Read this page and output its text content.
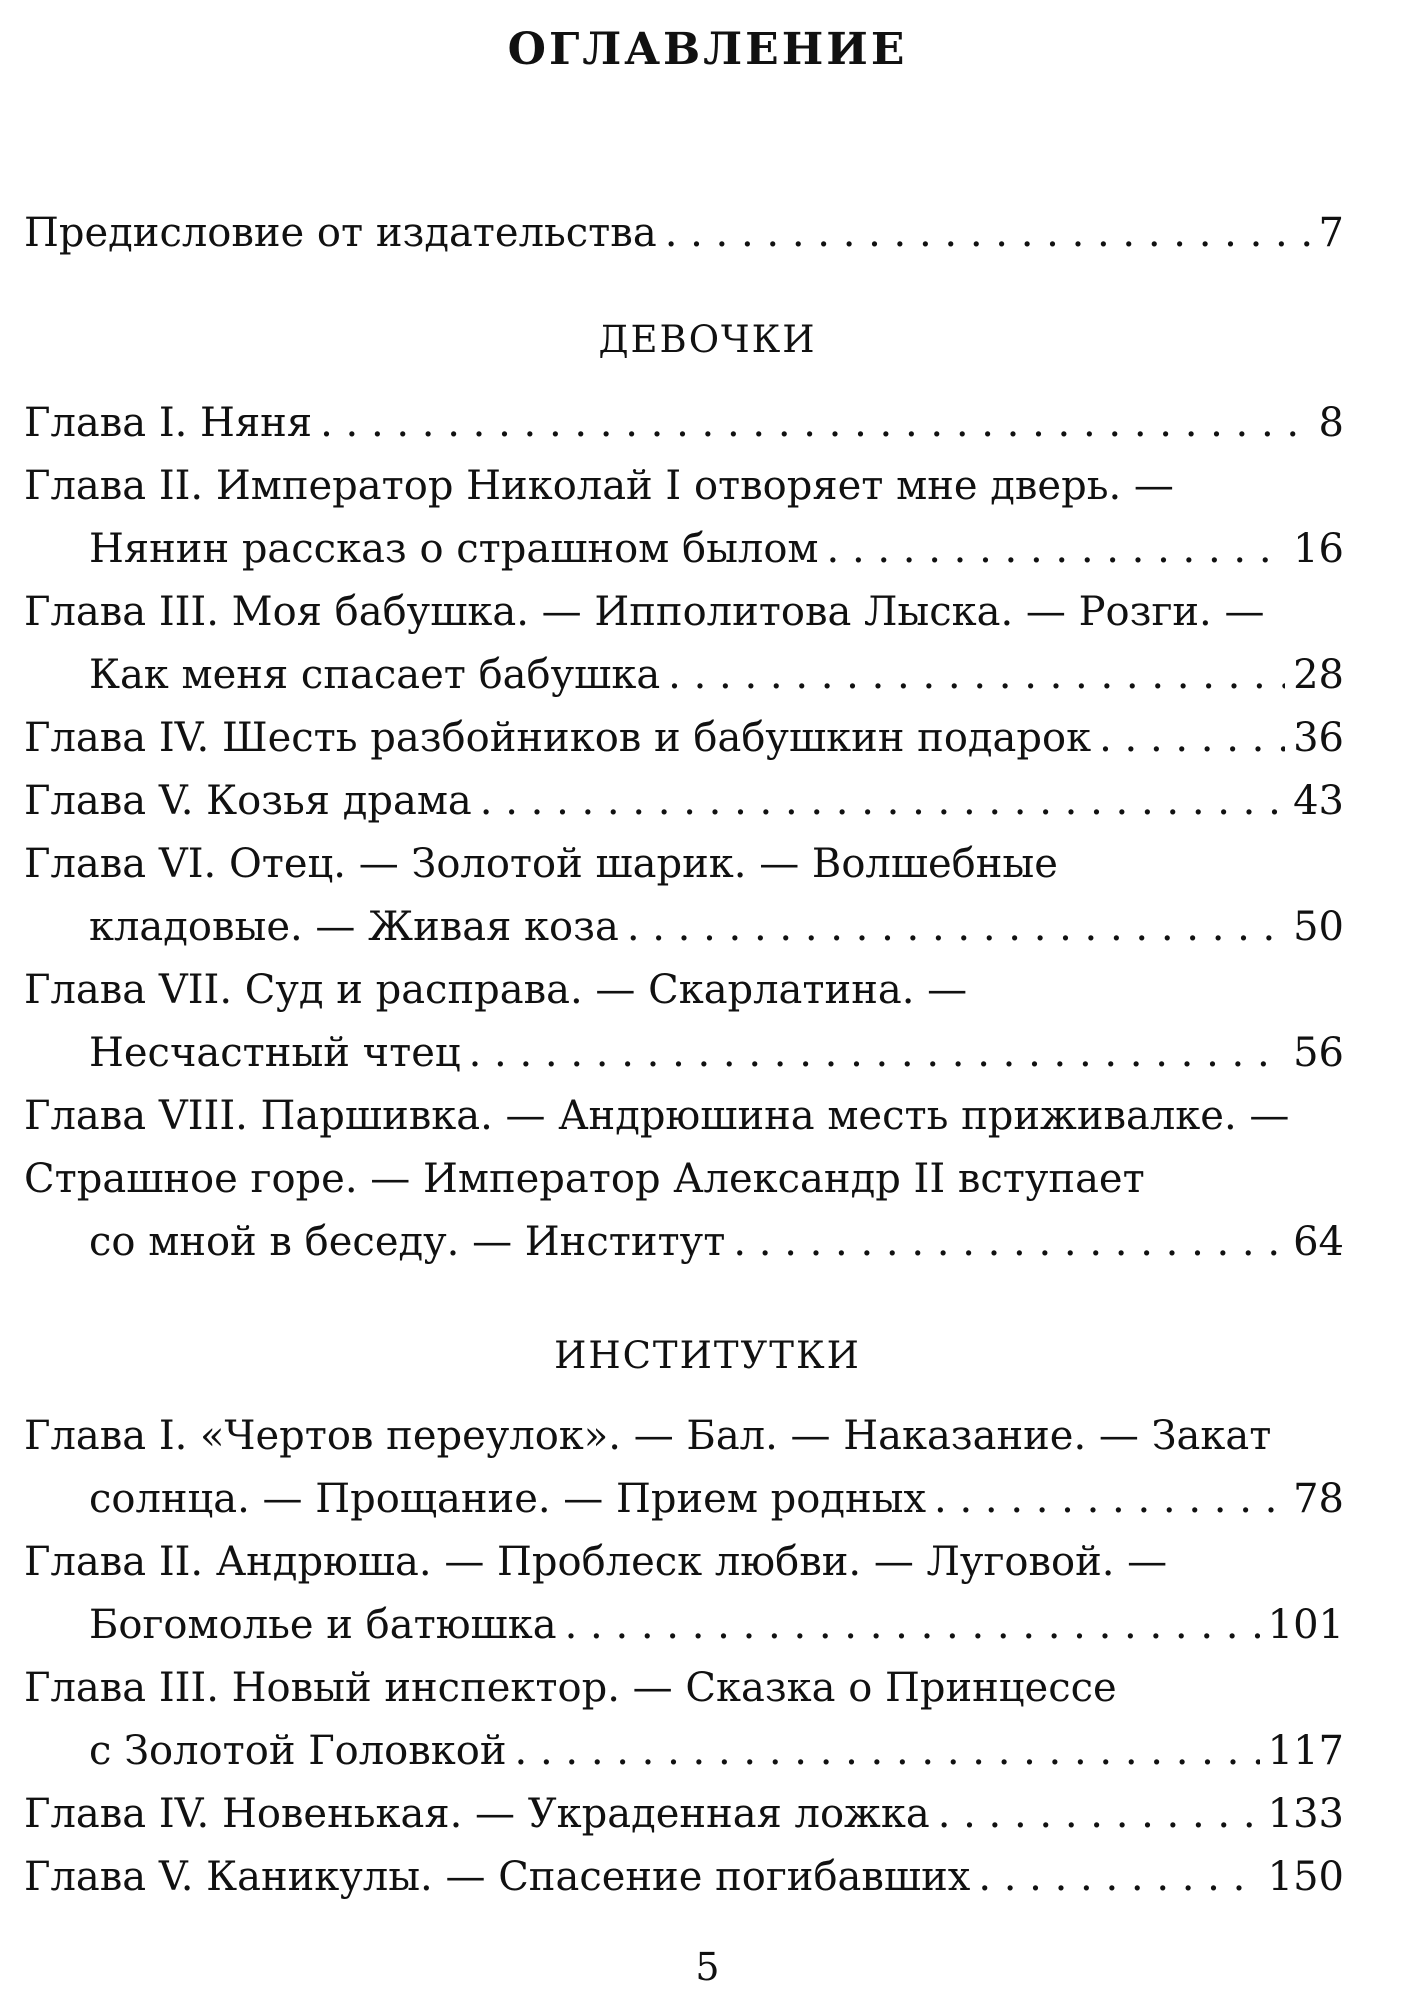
ОГЛАВЛЕНИЕ
Предисловие от издательства . . .	7
ДЕВОЧКИ
Глава I. Няня . . .	8
Глава II. Император Николай I отворяет мне дверь. —
Нянин рассказ о страшном былом . . .	16
Глава III. Моя бабушка. — Ипполитова Лыска. — Розги. —
Как меня спасает бабушка . . .	28
Глава IV. Шесть разбойников и бабушкин подарок . . .	36
Глава V. Козья драма . . .	43
Глава VI. Отец. — Золотой шарик. — Волшебные
кладовые. — Живая коза . . .	50
Глава VII. Суд и расправа. — Скарлатина. —
Несчастный чтец . . .	56
Глава VIII. Паршивка. — Андрюшина месть приживалке. —
Страшное горе. — Император Александр II вступает
со мной в беседу. — Институт . . .	64
ИНСТИТУТКИ
Глава I. «Чертов переулок». — Бал. — Наказание. — Закат
солнца. — Прощание. — Прием родных . . .	78
Глава II. Андрюша. — Проблеск любви. — Луговой. —
Богомолье и батюшка . . .	101
Глава III. Новый инспектор. — Сказка о Принцессе
с Золотой Головкой . . .	117
Глава IV. Новенькая. — Украденная ложка . . .	133
Глава V. Каникулы. — Спасение погибавших . . .	150
5
